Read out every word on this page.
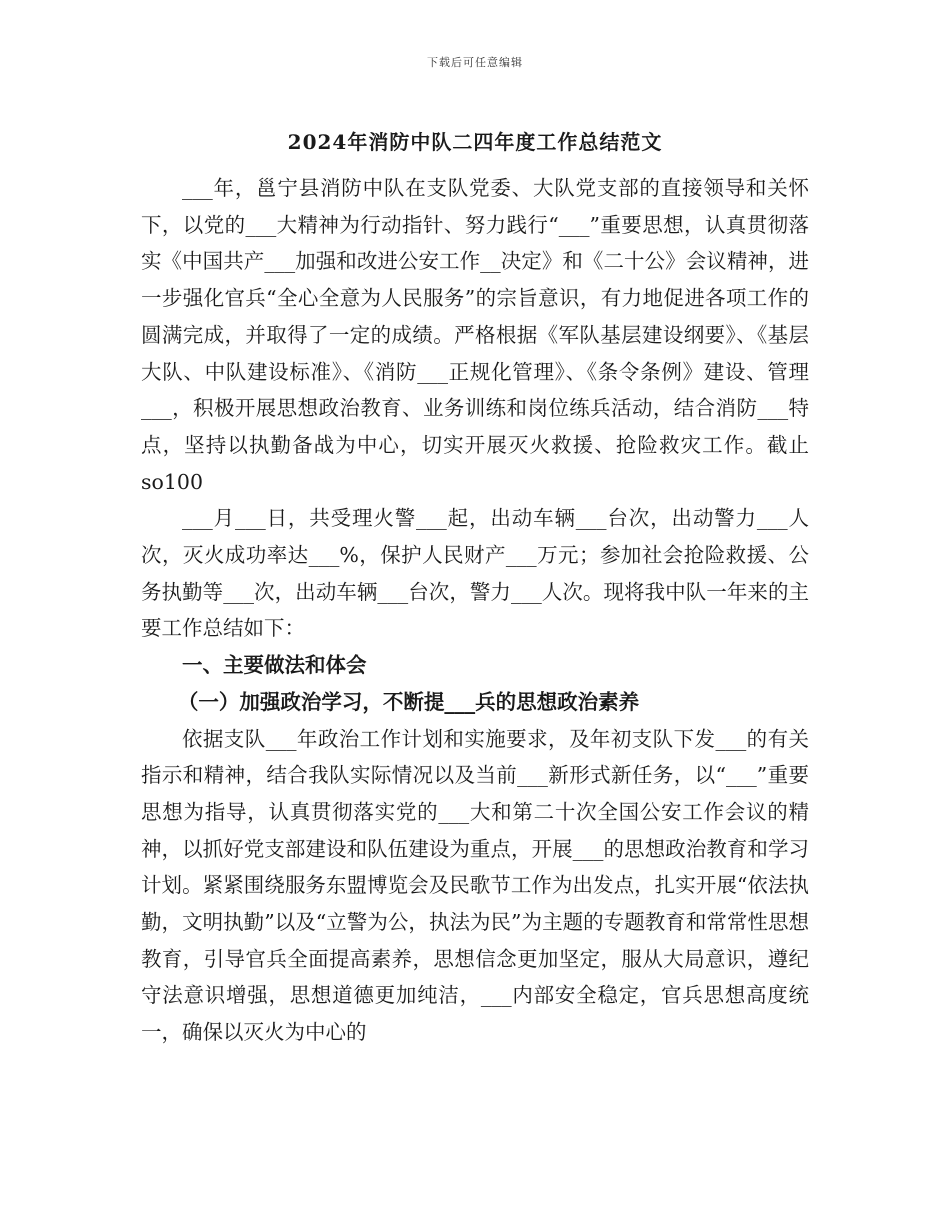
下载后可任意编辑
2024年消防中队二四年度工作总结范文

___年，邕宁县消防中队在支队党委、大队党支部的直接领导和关怀下，以党的___大精神为行动指针、努力践行“___”重要思想，认真贯彻落实《中国共产___加强和改进公安工作__决定》和《二十公》会议精神，进一步强化官兵“全心全意为人民服务”的宗旨意识，有力地促进各项工作的圆满完成，并取得了一定的成绩。严格根据《军队基层建设纲要》、《基层大队、中队建设标准》、《消防___正规化管理》、《条令条例》建设、管理___，积极开展思想政治教育、业务训练和岗位练兵活动，结合消防___特点，坚持以执勤备战为中心，切实开展灭火救援、抢险救灾工作。截止so100

___月___日，共受理火警___起，出动车辆___台次，出动警力___人次，灭火成功率达___%，保护人民财产___万元；参加社会抢险救援、公务执勤等___次，出动车辆___台次，警力___人次。现将我中队一年来的主要工作总结如下：

一、主要做法和体会

（一）加强政治学习，不断提___兵的思想政治素养

依据支队___年政治工作计划和实施要求，及年初支队下发___的有关指示和精神，结合我队实际情况以及当前___新形式新任务，以“___”重要思想为指导，认真贯彻落实党的___大和第二十次全国公安工作会议的精神，以抓好党支部建设和队伍建设为重点，开展___的思想政治教育和学习计划。紧紧围绕服务东盟博览会及民歌节工作为出发点，扎实开展“依法执勤，文明执勤”以及“立警为公，执法为民”为主题的专题教育和常常性思想教育，引导官兵全面提高素养，思想信念更加坚定，服从大局意识，遵纪守法意识增强，思想道德更加纯洁，___内部安全稳定，官兵思想高度统一，确保以灭火为中心的
